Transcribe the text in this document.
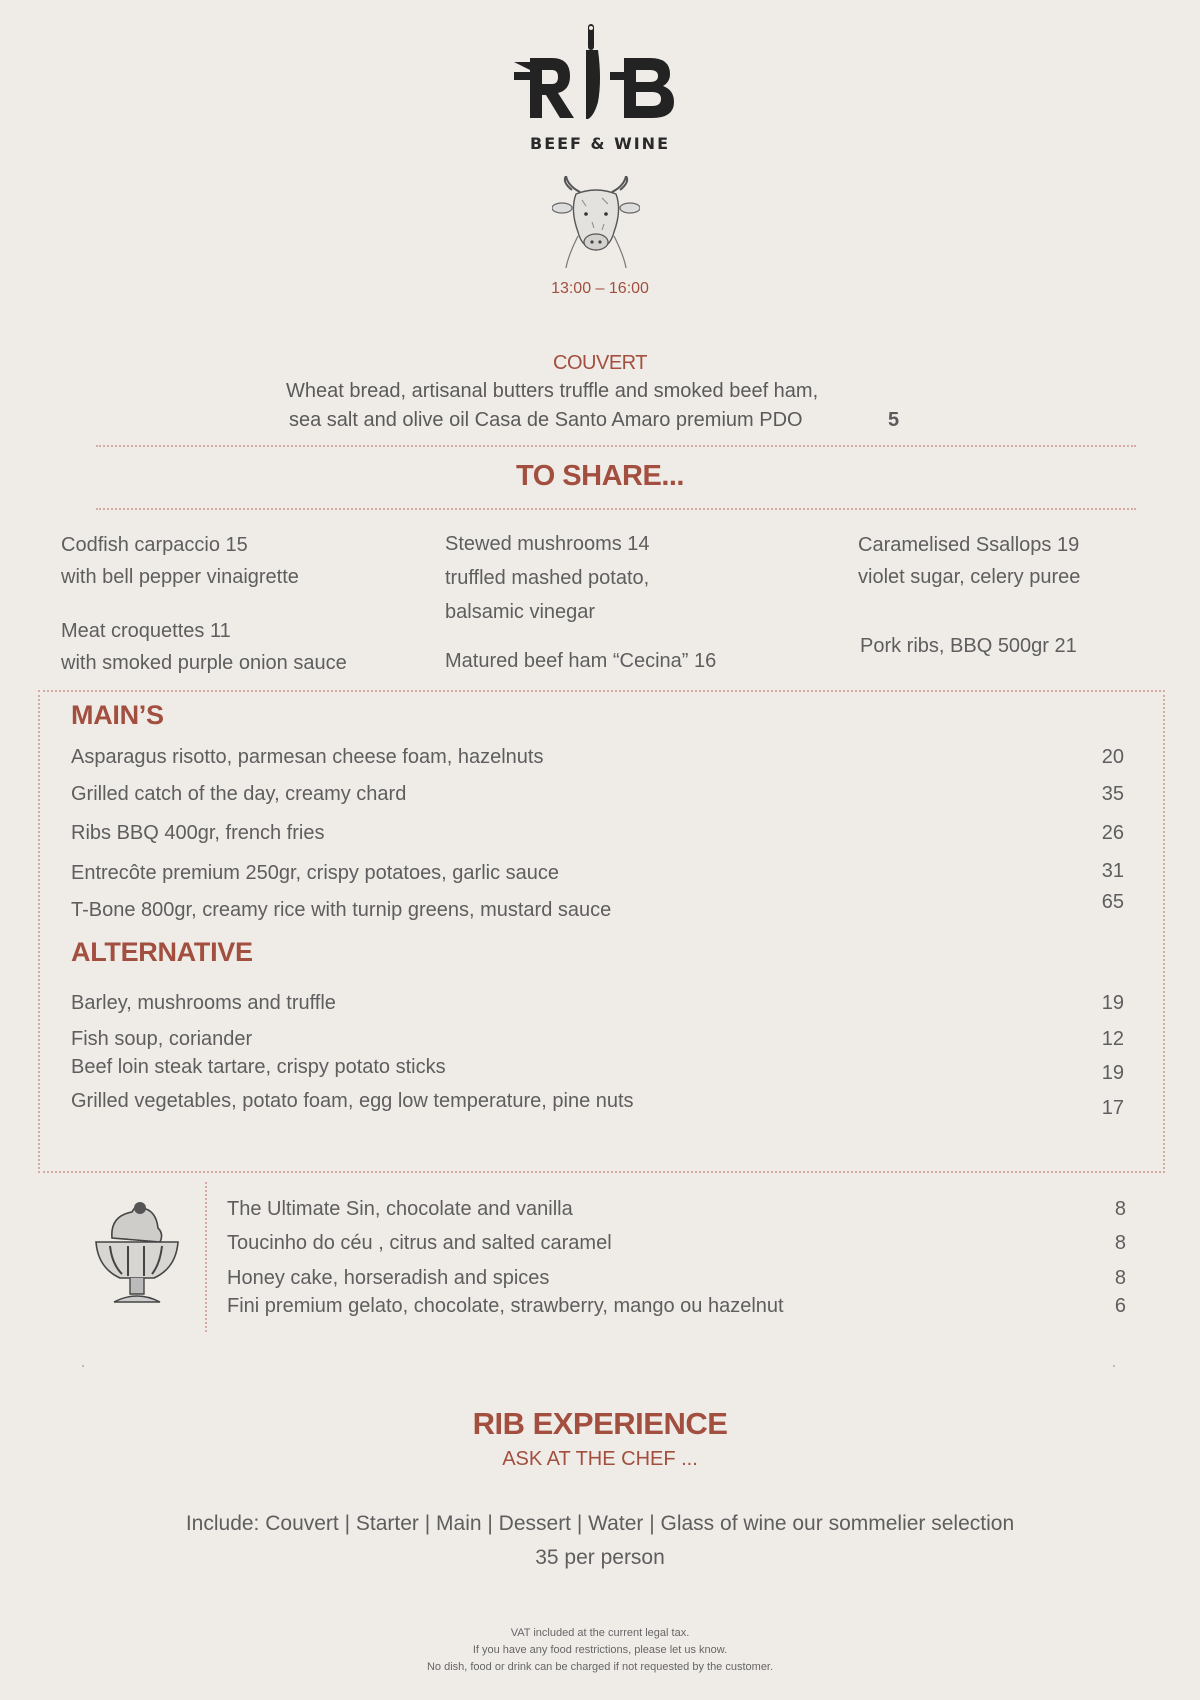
BEEF & WINE
13:00 – 16:00
COUVERT
Wheat bread, artisanal butters truffle and smoked beef ham,
sea salt and olive oil Casa de Santo Amaro premium PDO	5
TO SHARE...
Codfish carpaccio 15
with bell pepper vinaigrette
Meat croquettes 11
with smoked purple onion sauce
Stewed mushrooms 14
truffled mashed potato,
balsamic vinegar
Matured beef ham “Cecina” 16
Caramelised Ssallops 19
violet sugar, celery puree
Pork ribs, BBQ 500gr 21
MAIN’S
Asparagus risotto, parmesan cheese foam, hazelnuts	20
Grilled catch of the day, creamy chard	35
Ribs BBQ 400gr, french fries	26
Entrecôte premium 250gr, crispy potatoes, garlic sauce	31
T-Bone 800gr, creamy rice with turnip greens, mustard sauce	65
ALTERNATIVE
Barley, mushrooms and truffle	19
Fish soup, coriander	12
Beef loin steak tartare, crispy potato sticks	19
Grilled vegetables, potato foam, egg low temperature, pine nuts	17
The Ultimate Sin, chocolate and vanilla	8
Toucinho do céu , citrus and salted caramel	8
Honey cake, horseradish and spices	8
Fini premium gelato, chocolate, strawberry, mango ou hazelnut	6
RIB EXPERIENCE
ASK AT THE CHEF ...
Include: Couvert | Starter | Main | Dessert | Water | Glass of wine our sommelier selection
35 per person
VAT included at the current legal tax.
If you have any food restrictions, please let us know.
No dish, food or drink can be charged if not requested by the customer.
